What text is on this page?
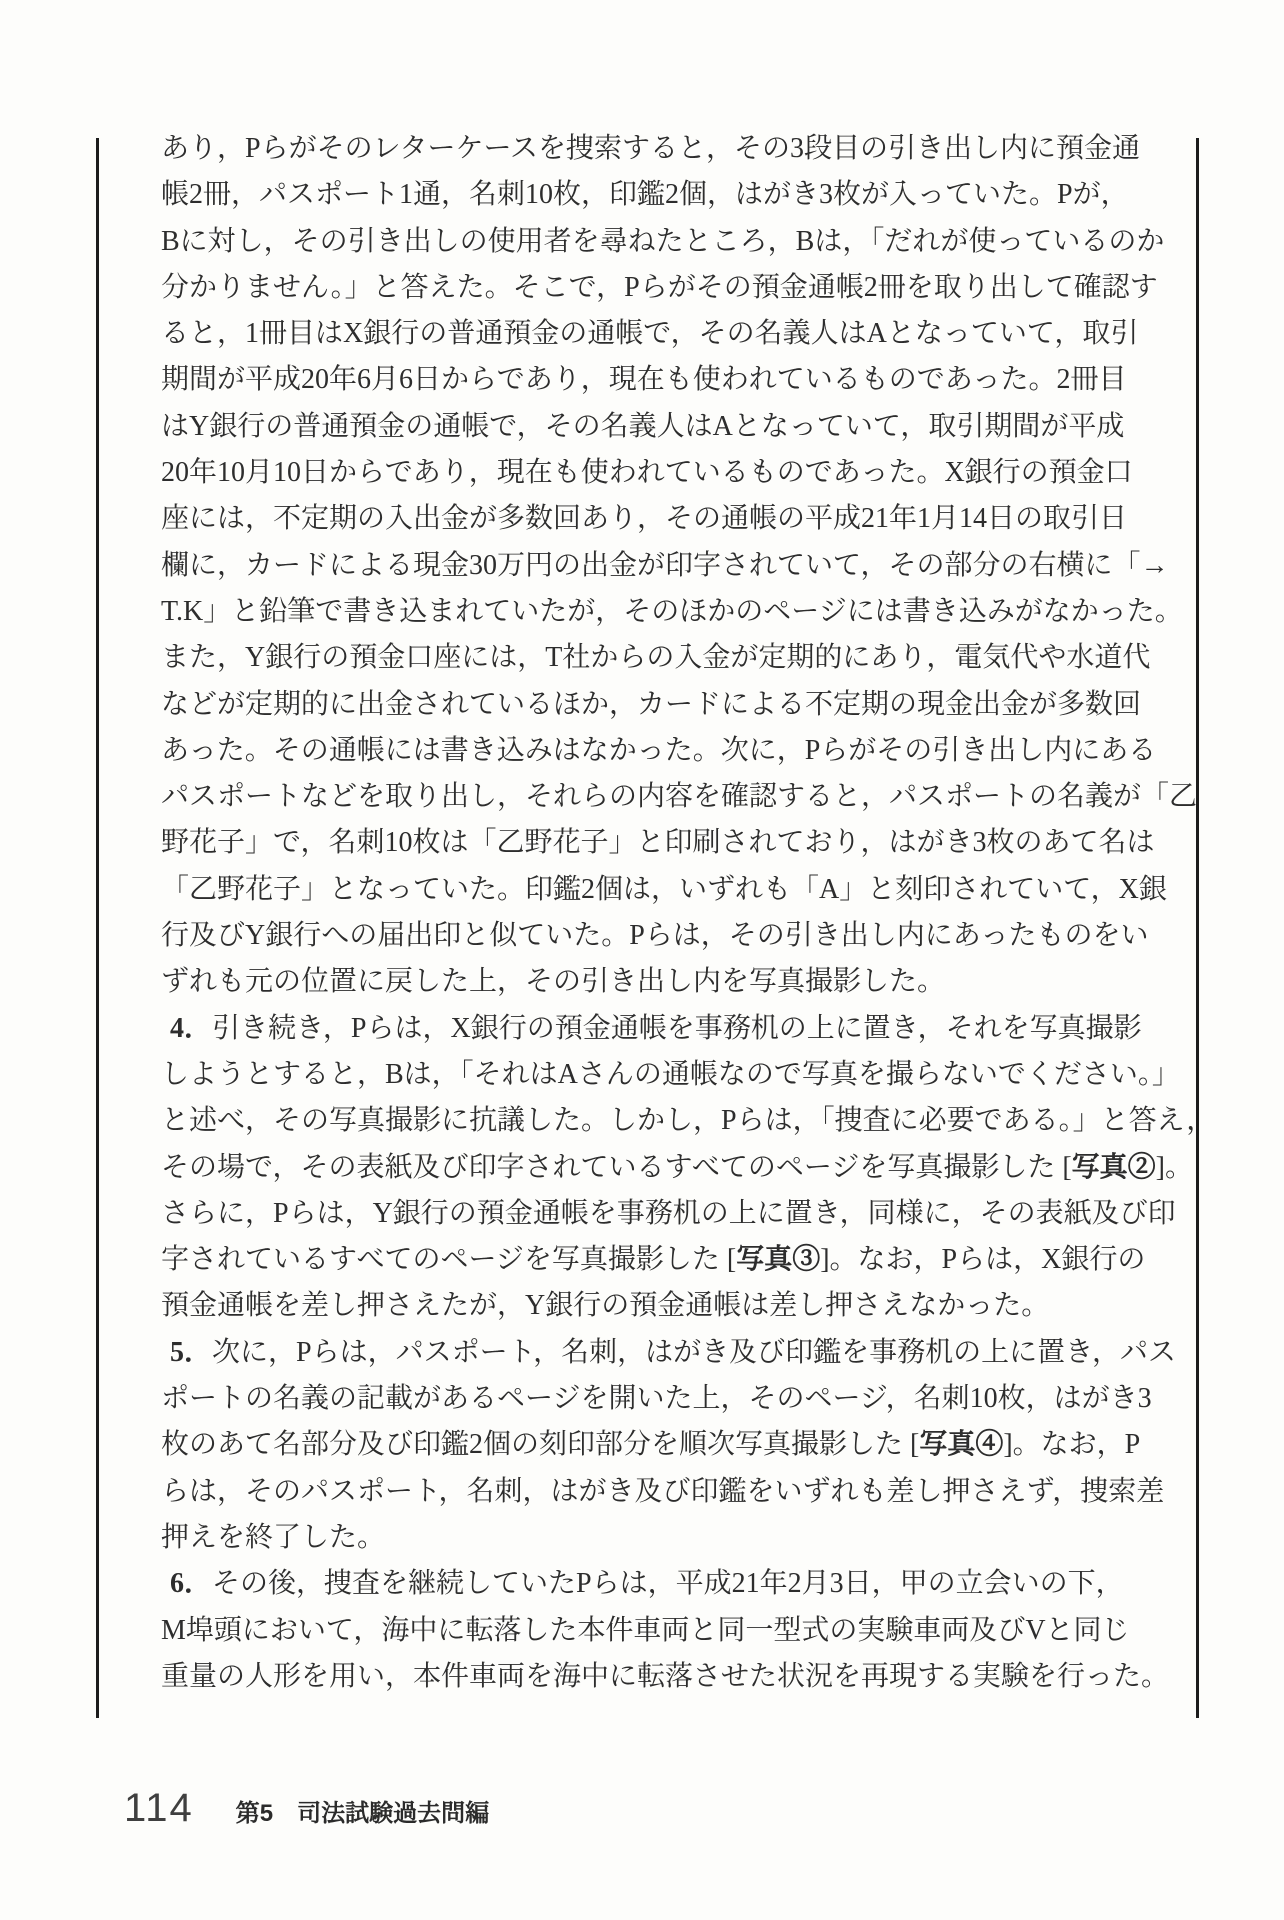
あり，Pらがそのレターケースを捜索すると，その3段目の引き出し内に預金通
帳2冊，パスポート1通，名刺10枚，印鑑2個，はがき3枚が入っていた。Pが，
Bに対し，その引き出しの使用者を尋ねたところ，Bは，「だれが使っているのか
分かりません。」と答えた。そこで，Pらがその預金通帳2冊を取り出して確認す
ると，1冊目はX銀行の普通預金の通帳で，その名義人はAとなっていて，取引
期間が平成20年6月6日からであり，現在も使われているものであった。2冊目
はY銀行の普通預金の通帳で，その名義人はAとなっていて，取引期間が平成
20年10月10日からであり，現在も使われているものであった。X銀行の預金口
座には，不定期の入出金が多数回あり，その通帳の平成21年1月14日の取引日
欄に，カードによる現金30万円の出金が印字されていて，その部分の右横に「→
T.K」と鉛筆で書き込まれていたが，そのほかのページには書き込みがなかった。
また，Y銀行の預金口座には，T社からの入金が定期的にあり，電気代や水道代
などが定期的に出金されているほか，カードによる不定期の現金出金が多数回
あった。その通帳には書き込みはなかった。次に，Pらがその引き出し内にある
パスポートなどを取り出し，それらの内容を確認すると，パスポートの名義が「乙
野花子」で，名刺10枚は「乙野花子」と印刷されており，はがき3枚のあて名は
「乙野花子」となっていた。印鑑2個は，いずれも「A」と刻印されていて，X銀
行及びY銀行への届出印と似ていた。Pらは，その引き出し内にあったものをい
ずれも元の位置に戻した上，その引き出し内を写真撮影した。
4．引き続き，Pらは，X銀行の預金通帳を事務机の上に置き，それを写真撮影
しようとすると，Bは，「それはAさんの通帳なので写真を撮らないでください。」
と述べ，その写真撮影に抗議した。しかし，Pらは，「捜査に必要である。」と答え，
その場で，その表紙及び印字されているすべてのページを写真撮影した [写真②]。
さらに，Pらは，Y銀行の預金通帳を事務机の上に置き，同様に，その表紙及び印
字されているすべてのページを写真撮影した [写真③]。なお，Pらは，X銀行の
預金通帳を差し押さえたが，Y銀行の預金通帳は差し押さえなかった。
5．次に，Pらは，パスポート，名刺，はがき及び印鑑を事務机の上に置き，パス
ポートの名義の記載があるページを開いた上，そのページ，名刺10枚，はがき3
枚のあて名部分及び印鑑2個の刻印部分を順次写真撮影した [写真④]。なお，P
らは，そのパスポート，名刺，はがき及び印鑑をいずれも差し押さえず，捜索差
押えを終了した。
6．その後，捜査を継続していたPらは，平成21年2月3日，甲の立会いの下，
M埠頭において，海中に転落した本件車両と同一型式の実験車両及びVと同じ
重量の人形を用い，本件車両を海中に転落させた状況を再現する実験を行った。
114 第5　司法試験過去問編
